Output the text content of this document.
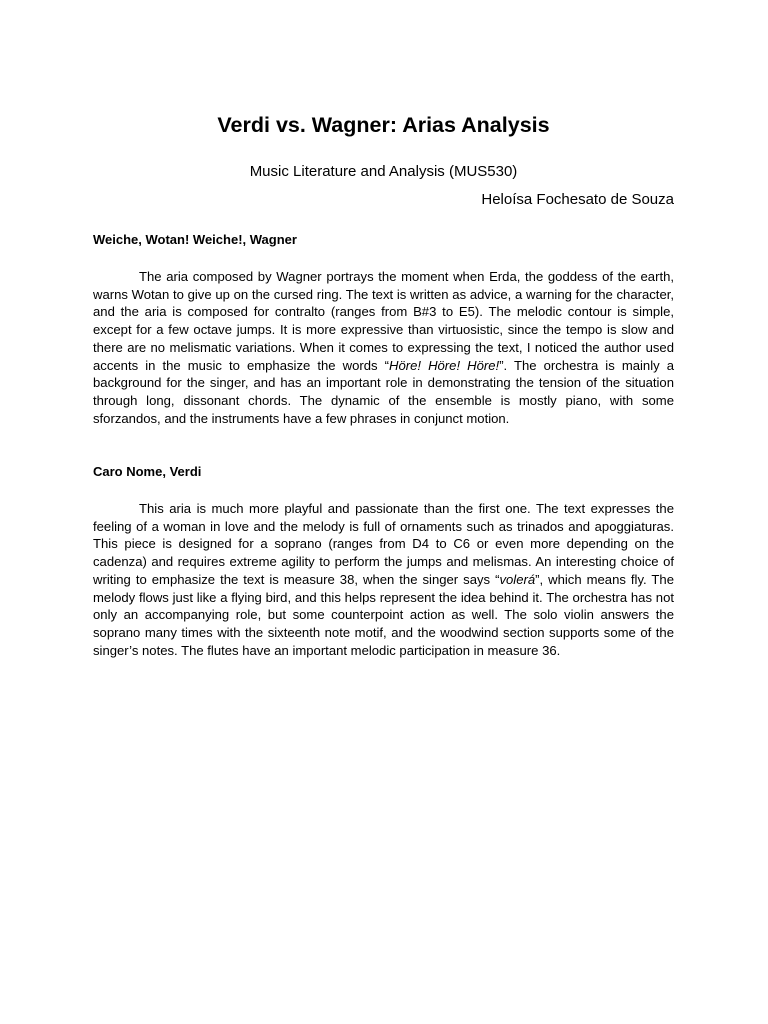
Verdi vs. Wagner: Arias Analysis

Music Literature and Analysis (MUS530)

Heloísa Fochesato de Souza

Weiche, Wotan! Weiche!, Wagner

The aria composed by Wagner portrays the moment when Erda, the goddess of the earth, warns Wotan to give up on the cursed ring. The text is written as advice, a warning for the character, and the aria is composed for contralto (ranges from B#3 to E5). The melodic contour is simple, except for a few octave jumps. It is more expressive than virtuosistic, since the tempo is slow and there are no melismatic variations. When it comes to expressing the text, I noticed the author used accents in the music to emphasize the words “Höre! Höre! Höre!”. The orchestra is mainly a background for the singer, and has an important role in demonstrating the tension of the situation through long, dissonant chords. The dynamic of the ensemble is mostly piano, with some sforzandos, and the instruments have a few phrases in conjunct motion.

Caro Nome, Verdi

This aria is much more playful and passionate than the first one. The text expresses the feeling of a woman in love and the melody is full of ornaments such as trinados and apoggiaturas. This piece is designed for a soprano (ranges from D4 to C6 or even more depending on the cadenza) and requires extreme agility to perform the jumps and melismas. An interesting choice of writing to emphasize the text is measure 38, when the singer says “volerá”, which means fly. The melody flows just like a flying bird, and this helps represent the idea behind it. The orchestra has not only an accompanying role, but some counterpoint action as well. The solo violin answers the soprano many times with the sixteenth note motif, and the woodwind section supports some of the singer’s notes. The flutes have an important melodic participation in measure 36.
